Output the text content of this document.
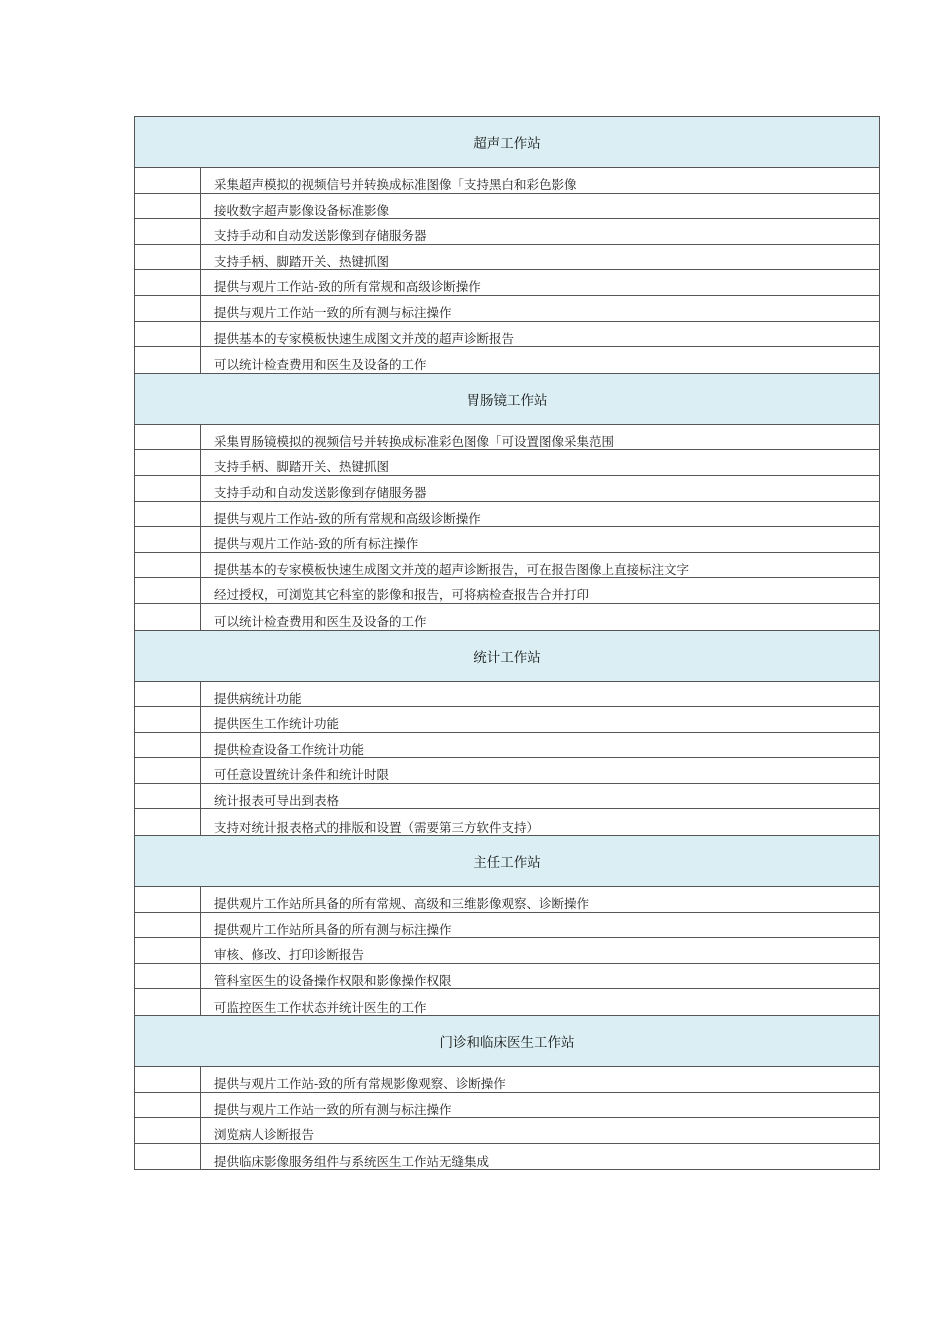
超声工作站
采集超声模拟的视频信号并转换成标准图像「支持黑白和彩色影像
接收数字超声影像设备标准影像
支持手动和自动发送影像到存储服务器
支持手柄、脚踏开关、热键抓图
提供与观片工作站-致的所有常规和高级诊断操作
提供与观片工作站一致的所有测与标注操作
提供基本的专家模板快速生成图文并茂的超声诊断报告
可以统计检查费用和医生及设备的工作
胃肠镜工作站
采集胃肠镜模拟的视频信号并转换成标准彩色图像「可设置图像采集范围
支持手柄、脚踏开关、热键抓图
支持手动和自动发送影像到存储服务器
提供与观片工作站-致的所有常规和高级诊断操作
提供与观片工作站-致的所有标注操作
提供基本的专家模板快速生成图文并茂的超声诊断报告，可在报告图像上直接标注文字
经过授权，可浏览其它科室的影像和报告，可将病检查报告合并打印
可以统计检查费用和医生及设备的工作
统计工作站
提供病统计功能
提供医生工作统计功能
提供检查设备工作统计功能
可任意设置统计条件和统计时限
统计报表可导出到表格
支持对统计报表格式的排版和设置（需要第三方软件支持）
主任工作站
提供观片工作站所具备的所有常规、高级和三维影像观察、诊断操作
提供观片工作站所具备的所有测与标注操作
审核、修改、打印诊断报告
管科室医生的设备操作权限和影像操作权限
可监控医生工作状态并统计医生的工作
门诊和临床医生工作站
提供与观片工作站-致的所有常规影像观察、诊断操作
提供与观片工作站一致的所有测与标注操作
浏览病人诊断报告
提供临床影像服务组件与系统医生工作站无缝集成
